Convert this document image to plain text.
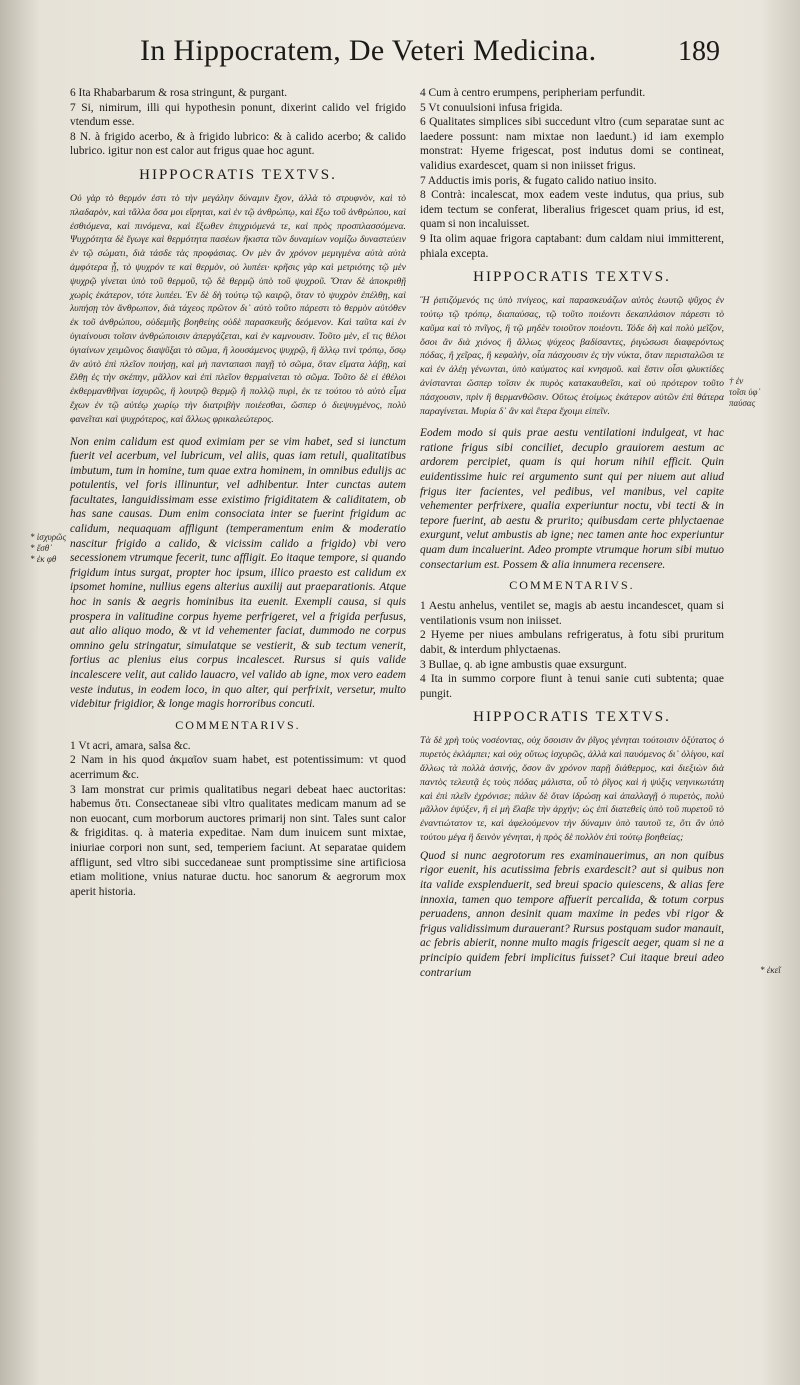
In Hippocratem, De Veteri Medicina.	189

6 Ita Rhabarbarum & rosa stringunt, & purgant.

7 Si, nimirum, illi qui hypothesin ponunt, dixerint calido vel frigido vtendum esse.

8 N. à frigido acerbo, & à frigido lubrico: & à calido acerbo; & calido lubrico. igitur non est calor aut frigus quae hoc agunt.

HIPPOCRATIS TEXTVS.

Οὐ γὰρ τὸ θερμόν ἐστι τὸ τὴν μεγάλην δύναμιν ἔχον, ἀλλὰ τὸ στρυφνὸν, καὶ τὸ πλαδαρὸν, καὶ τἄλλα ὅσα μοι εἴρηται, καὶ ἐν τῷ ἀνθρώπῳ, καὶ ἔξω τοῦ ἀνθρώπου, καὶ ἐσθιόμενα, καὶ πινόμενα, καὶ ἔξωθεν ἐπιχριόμενά τε, καὶ πρὸς προσπλασσόμενα. Ψυχρότητα δὲ ἔγωγε καὶ θερμότητα πασέων ἥκιστα τῶν δυναμίων νομίζω δυναστεύειν ἐν τῷ σώματι, διὰ τάσδε τὰς προφάσιας. Ον μὲν ἂν χρόνον μεμιγμένα αὐτὰ αὐτὰ ἀμφότερα ᾖ, τὸ ψυχρόν τε καὶ θερμὸν, οὐ λυπέει· κρῆσις γὰρ καὶ μετριότης τῷ μὲν ψυχρῷ γίνεται ὑπὸ τοῦ θερμοῦ, τῷ δὲ θερμῷ ὑπὸ τοῦ ψυχροῦ. Ὅταν δὲ ἀποκριθῇ χωρὶς ἑκάτερον, τότε λυπέει. Ἐν δὲ δὴ τούτῳ τῷ καιρῷ, ὅταν τὸ ψυχρὸν ἐπέλθῃ, καὶ λυπήσῃ τὸν ἄνθρωπον, διὰ τάχεος πρῶτον δι᾽ αὐτὸ τοῦτο πάρεστι τὸ θερμὸν αὐτόθεν ἐκ τοῦ ἀνθρώπου, οὐδεμιῆς βοηθείης οὐδὲ παρασκευῆς δεόμενον. Καὶ ταῦτα καὶ ἐν ὑγιαίνουσι τοῖσιν ἀνθρώποισιν ἀπεργάζεται, καὶ ἐν καμνουσιν. Τοῦτο μὲν, εἴ τις θέλοι ὑγιαίνων χειμῶνος διαψῦξαι τὸ σῶμα, ἢ λουσάμενος ψυχρῷ, ἢ ἄλλῳ τινὶ τρόπῳ, ὅσῳ ἂν αὐτὸ ἐπὶ πλεῖον ποιήσῃ, καὶ μὴ πανταπασι παγῇ τὸ σῶμα, ὅταν εἵματα λάβῃ, καὶ ἔλθῃ ἐς τὴν σκέπην, μᾶλλον καὶ ἐπὶ πλεῖον θερμαίνεται τὸ σῶμα. Τοῦτο δὲ εἰ ἐθέλοι ἐκθερμανθῆναι ἰσχυρῶς, ἢ λουτρῷ θερμῷ ἢ πολλῷ πυρὶ, ἐκ τε τούτου τὸ αὐτὸ εἷμα ἔχων ἐν τῷ αὐτέῳ χωρίῳ τὴν διατριβὴν ποιέεσθαι, ὥσπερ ὁ διεψυγμένος, πολὺ φανεῖται καὶ ψυχρότερος, καὶ ἄλλως φρικαλεώτερος.

Non enim calidum est quod eximiam per se vim habet, sed si iunctum fuerit vel acerbum, vel lubricum, vel aliis, quas iam retuli, qualitatibus imbutum, tum in homine, tum quae extra hominem, in omnibus edulijs ac potulentis, vel foris illinuntur, vel adhibentur. Inter cunctas autem facultates, languidissimam esse existimo frigiditatem & caliditatem, ob has sane causas. Dum enim consociata inter se fuerint frigidum ac calidum, nequaquam affligunt (temperamentum enim & moderatio nascitur frigido a calido, & vicissim calido a frigido) vbi vero secessionem vtrumque fecerit, tunc affligit. Eo itaque tempore, si quando frigidum intus surgat, propter hoc ipsum, illico praesto est calidum ex ipsomet homine, nullius egens alterius auxilij aut praeparationis. Atque hoc in sanis & aegris hominibus ita euenit. Exempli causa, si quis prospera in valitudine corpus hyeme perfrigeret, vel a frigida perfusus, aut alio aliquo modo, & vt id vehementer faciat, dummodo ne corpus omnino gelu stringatur, simulatque se vestierit, & sub tectum venerit, fortius ac plenius eius corpus incalescet. Rursus si quis valide incalescere velit, aut calido lauacro, vel valido ab igne, mox vero eadem veste indutus, in eodem loco, in quo alter, qui perfrixit, versetur, multo videbitur frigidior, & longe magis horroribus concuti.

COMMENTARIVS.

1 Vt acri, amara, salsa &c.

2 Nam in his quod ἀκμαῖον suam habet, est potentissimum: vt quod acerrimum &c.

3 Iam monstrat cur primis qualitatibus negari debeat haec auctoritas: habemus ὅτι. Consectaneae sibi vltro qualitates medicam manum ad se non euocant, cum morborum auctores primarij non sint. Tales sunt calor & frigiditas. q. à materia expeditae. Nam dum inuicem sunt mixtae, iniuriae corpori non sunt, sed, temperiem faciunt. At separatae quidem affligunt, sed vltro sibi succedaneae sunt promptissime sine artificiosa etiam molitione, vnius naturae ductu. hoc sanorum & aegrorum mox aperit historia.

4 Cum à centro erumpens, peripheriam perfundit.

5 Vt conuulsioni infusa frigida.

6 Qualitates simplices sibi succedunt vltro (cum separatae sunt ac laedere possunt: nam mixtae non laedunt.) id iam exemplo monstrat: Hyeme frigescat, post indutus domi se contineat, validius exardescet, quam si non iniisset frigus.

7 Adductis imis poris, & fugato calido natiuo insito.

8 Contrà: incalescat, mox eadem veste indutus, qua prius, sub idem tectum se conferat, liberalius frigescet quam prius, id est, quam si non incaluisset.

9 Ita olim aquae frigora captabant: dum caldam niui immitterent, phiala excepta.

HIPPOCRATIS TEXTVS.

Ἢ ῥιπιζόμενός τις ὑπὸ πνίγεος, καὶ παρασκευάζων αὐτὸς ἑωυτῷ ψῦχος ἐν τούτῳ τῷ τρόπῳ, διαπαύσας, τῷ τοῦτο ποιέοντι δεκαπλάσιον πάρεστι τὸ καῦμα καὶ τὸ πνῖγος, ἢ τῷ μηδὲν τοιοῦτον ποιέοντι. Τόδε δὴ καὶ πολὺ μεῖζον, ὅσοι ἂν διὰ χιόνος ἢ ἄλλως ψύχεος βαδίσαντες, ῥιγώσωσι διαφερόντως πόδας, ἢ χεῖρας, ἢ κεφαλὴν, οἷα πάσχουσιν ἐς τὴν νύκτα, ὅταν περισταλῶσι τε καὶ ἐν ἀλέῃ γένωνται, ὑπὸ καύματος καὶ κνησμοῦ. καὶ ἔστιν οἷσι φλυκτίδες ἀνίστανται ὥσπερ τοῖσιν ἐκ πυρὸς κατακαυθεῖσι, καὶ οὐ πρότερον τοῦτο πάσχουσιν, πρὶν ἢ θερμανθῶσιν. Οὕτως ἑτοίμως ἑκάτερον αὐτῶν ἐπὶ θάτερα παραγίνεται. Μυρία δ᾽ ἂν καὶ ἕτερα ἔχοιμι εἰπεῖν.

Eodem modo si quis prae aestu ventilationi indulgeat, vt hac ratione frigus sibi conciliet, decuplo grauiorem aestum ac ardorem percipiet, quam is qui horum nihil efficit. Quin euidentissime huic rei argumento sunt qui per niuem aut aliud frigus iter facientes, vel pedibus, vel manibus, vel capite vehementer perfrixere, qualia experiuntur noctu, vbi tecti & in tepore fuerint, ab aestu & prurito; quibusdam certe phlyctaenae exurgunt, velut ambustis ab igne; nec tamen ante hoc experiuntur quam dum incaluerint. Adeo prompte vtrumque horum sibi mutuo consectarium est. Possem & alia innumera recensere.

COMMENTARIVS.

1 Aestu anhelus, ventilet se, magis ab aestu incandescet, quam si ventilationis vsum non iniisset.

2 Hyeme per niues ambulans refrigeratus, à fotu sibi pruritum dabit, & interdum phlyctaenas.

3 Bullae, q. ab igne ambustis quae exsurgunt.

4 Ita in summo corpore fiunt à tenui sanie cuti subtenta; quae pungit.

HIPPOCRATIS TEXTVS.

Τὰ δὲ χρὴ τοὺς νοσέοντας, οὐχ ὅσοισιν ἂν ῥῖγος γένηται τούτοισιν ὀξύτατος ὁ πυρετὸς ἐκλάμπει; καὶ οὐχ οὕτως ἰσχυρῶς, ἀλλὰ καὶ παυόμενος δι᾽ ὀλίγου, καὶ ἄλλως τὰ πολλὰ ἀσινής, ὅσον ἂν χρόνον παρῇ διάθερμος, καὶ διεξιὼν διὰ παντὸς τελευτᾷ ἐς τοὺς πόδας μάλιστα, οὗ τὸ ῥῖγος καὶ ἡ ψύξις νεηνικωτάτη καὶ ἐπὶ πλεῖν ἐχρόνισε; πάλιν δὲ ὅταν ἱδρώσῃ καὶ ἀπαλλαγῇ ὁ πυρετὸς, πολὺ μᾶλλον ἐψύξεν, ἢ εἰ μὴ ἔλαβε τὴν ἀρχήν; ὡς ἐπὶ διατεθεὶς ὑπὸ τοῦ πυρετοῦ τὸ ἐναντιώτατον τε, καὶ ἀφελούμενον τὴν δύναμιν ὑπὸ ταυτοῦ τε, ὅτι ἂν ὑπὸ τούτου μέγα ἢ δεινὸν γένηται, ἡ πρὸς δὲ πολλὸν ἐπὶ τούτῳ βοηθείας;

Quod si nunc aegrotorum res examinauerimus, an non quibus rigor euenit, his acutissima febris exardescit? aut si quibus non ita valide exsplenduerit, sed breui spacio quiescens, & alias fere innoxia, tamen quo tempore affuerit percalida, & totum corpus peruadens, annon desinit quam maxime in pedes vbi rigor & frigus validissimum durauerant? Rursus postquam sudor manauit, ac febris abierit, nonne multo magis frigescit aeger, quam si ne a principio quidem febri implicitus fuisset? Cui itaque breui adeo contrarium

* ἰσχυρῶς
* ἔσθ᾽
* ἐκ φθ
† ἐν
τοῖσι ὑφ᾽
παύσας
* ἐκεῖ
